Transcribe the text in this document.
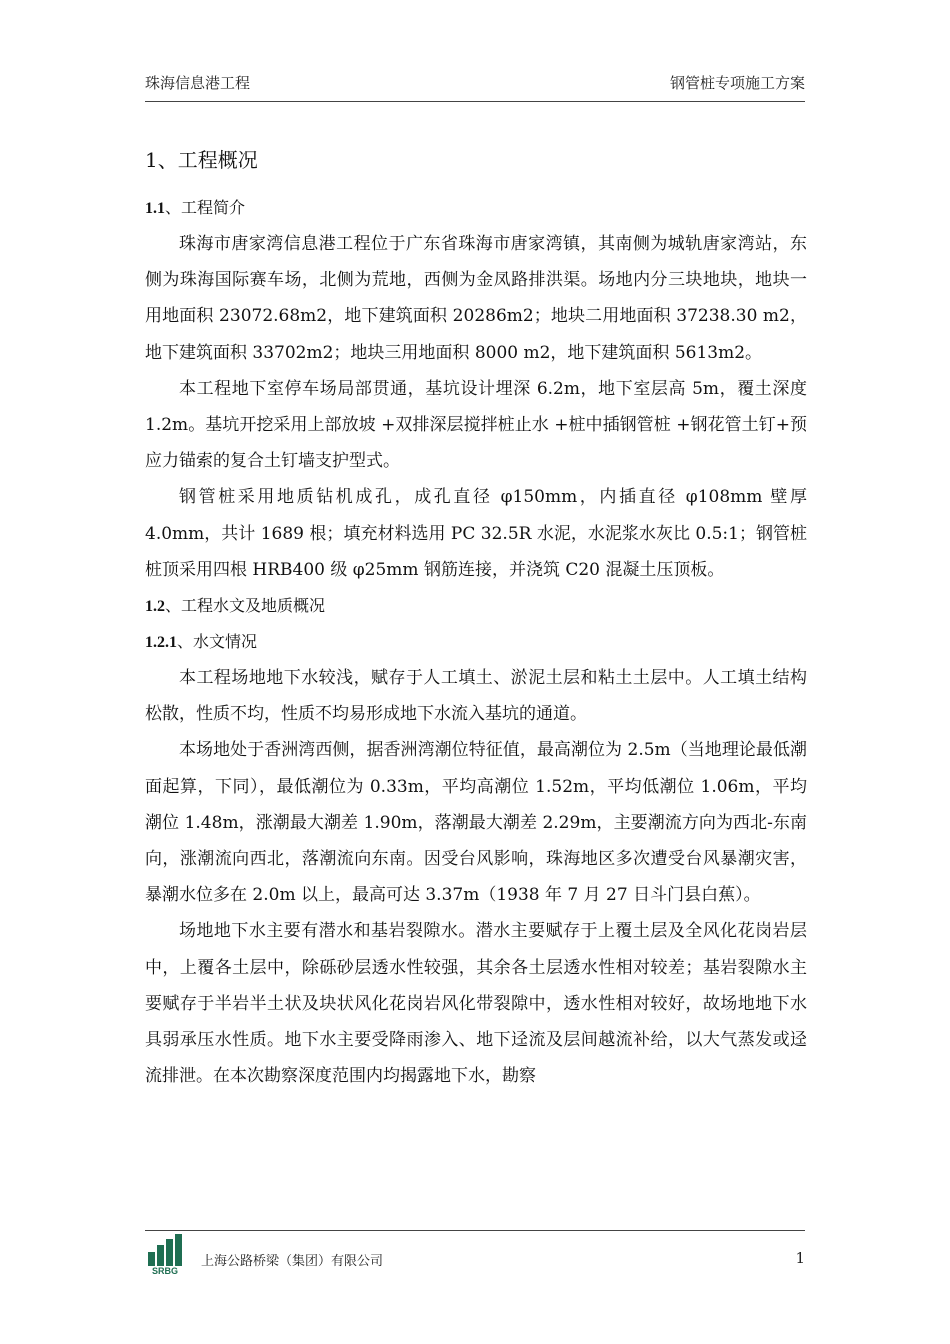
珠海信息港工程	钢管桩专项施工方案
1、工程概况
1.1、工程简介

珠海市唐家湾信息港工程位于广东省珠海市唐家湾镇，其南侧为城轨唐家湾站，东侧为珠海国际赛车场，北侧为荒地，西侧为金凤路排洪渠。场地内分三块地块，地块一用地面积 23072.68m2，地下建筑面积 20286m2；地块二用地面积 37238.30 m2，地下建筑面积 33702m2；地块三用地面积 8000 m2，地下建筑面积 5613m2。

本工程地下室停车场局部贯通，基坑设计埋深 6.2m，地下室层高 5m，覆土深度 1.2m。基坑开挖采用上部放坡 +双排深层搅拌桩止水 +桩中插钢管桩 +钢花管土钉+预应力锚索的复合土钉墙支护型式。

钢管桩采用地质钻机成孔，成孔直径 φ150mm，内插直径 φ108mm 壁厚 4.0mm，共计 1689 根；填充材料选用 PC 32.5R 水泥，水泥浆水灰比 0.5:1；钢管桩桩顶采用四根 HRB400 级 φ25mm 钢筋连接，并浇筑 C20 混凝土压顶板。

1.2、工程水文及地质概况
1.2.1、水文情况

本工程场地地下水较浅，赋存于人工填土、淤泥土层和粘土土层中。人工填土结构松散，性质不均，性质不均易形成地下水流入基坑的通道。

本场地处于香洲湾西侧，据香洲湾潮位特征值，最高潮位为 2.5m（当地理论最低潮面起算，下同），最低潮位为 0.33m，平均高潮位 1.52m，平均低潮位 1.06m，平均潮位 1.48m，涨潮最大潮差 1.90m，落潮最大潮差 2.29m，主要潮流方向为西北-东南向，涨潮流向西北，落潮流向东南。因受台风影响，珠海地区多次遭受台风暴潮灾害，暴潮水位多在 2.0m 以上，最高可达 3.37m（1938 年 7 月 27 日斗门县白蕉）。

场地地下水主要有潜水和基岩裂隙水。潜水主要赋存于上覆土层及全风化花岗岩层中，上覆各土层中，除砾砂层透水性较强，其余各土层透水性相对较差；基岩裂隙水主要赋存于半岩半土状及块状风化花岗岩风化带裂隙中，透水性相对较好，故场地地下水具弱承压水性质。地下水主要受降雨渗入、地下迳流及层间越流补给，以大气蒸发或迳流排泄。在本次勘察深度范围内均揭露地下水，勘察

SRBG
上海公路桥梁（集团）有限公司	1
